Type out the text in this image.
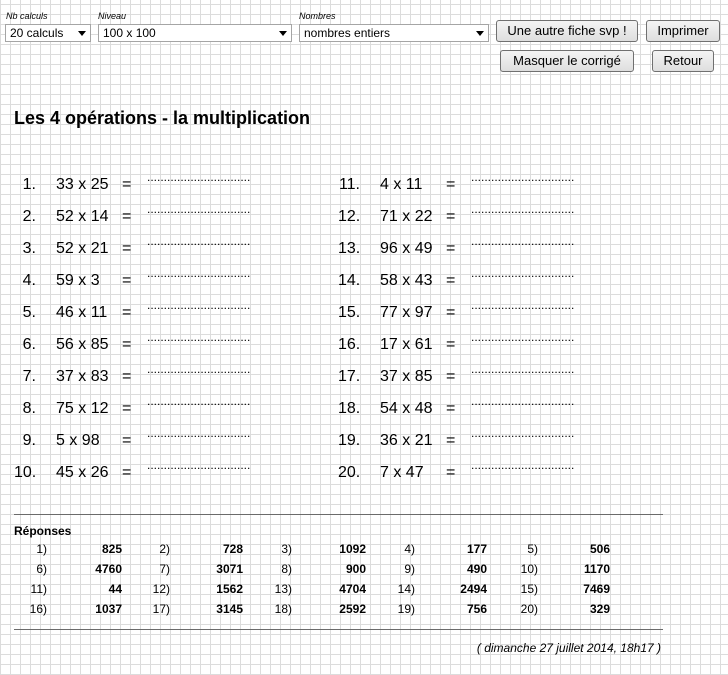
Nb calculs
20 calculs
Niveau
100 x 100
Nombres
nombres entiers	Une autre fiche svp !	Imprimer
Masquer le corrigé	Retour
Les 4 opérations - la multiplication
1. 33 x 25 = ...............................
2. 52 x 14 = ...............................
3. 52 x 21 = ...............................
4. 59 x 3 = ...............................
5. 46 x 11 = ...............................
6. 56 x 85 = ...............................
7. 37 x 83 = ...............................
8. 75 x 12 = ...............................
9. 5 x 98 = ...............................
10. 45 x 26 = ...............................
11. 4 x 11 = ...............................
12. 71 x 22 = ...............................
13. 96 x 49 = ...............................
14. 58 x 43 = ...............................
15. 77 x 97 = ...............................
16. 17 x 61 = ...............................
17. 37 x 85 = ...............................
18. 54 x 48 = ...............................
19. 36 x 21 = ...............................
20. 7 x 47 = ...............................
Réponses
1)	825	2)	728	3)	1092	4)	177	5)	506
6)	4760	7)	3071	8)	900	9)	490	10)	1170
11)	44	12)	1562	13)	4704	14)	2494	15)	7469
16)	1037	17)	3145	18)	2592	19)	756	20)	329
( dimanche 27 juillet 2014, 18h17 )
